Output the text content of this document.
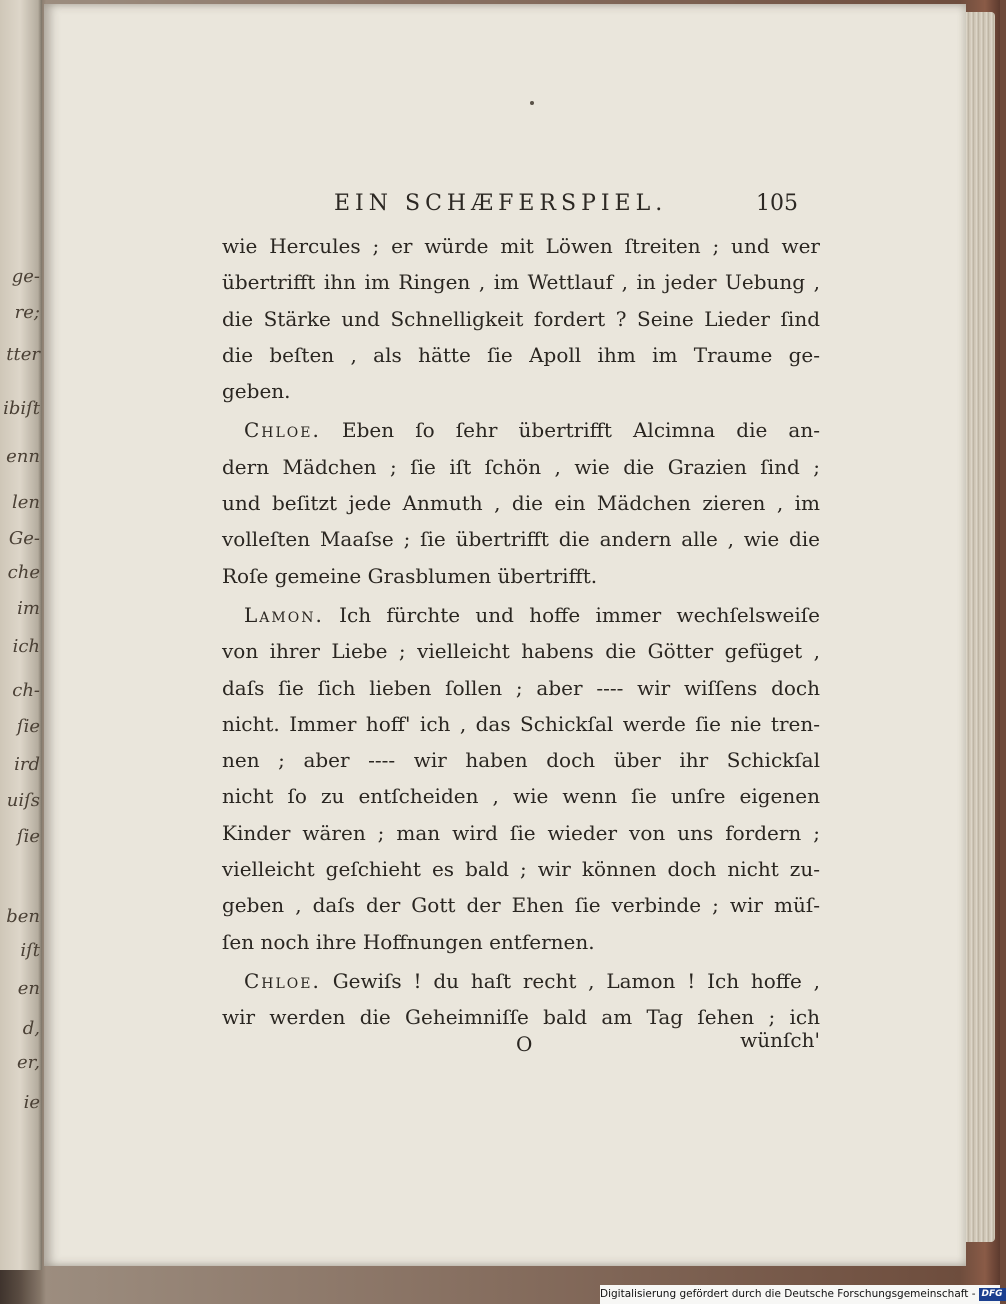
ge-
re;
tter
ibiſt
enn
len
Ge-
che
im
ich
ch-
ſie
ird
uiſs
ſie
ben
iſt
en
d,
er,
ie
EIN SCHÆFERSPIEL.	105
wie Hercules ; er würde mit Löwen ſtreiten ; und wer
übertrifft ihn im Ringen , im Wettlauf , in jeder Uebung ,
die Stärke und Schnelligkeit fordert ? Seine Lieder ſind
die beſten , als hätte ſie Apoll ihm im Traume ge-
geben.
Chloe. Eben ſo ſehr übertrifft Alcimna die an-
dern Mädchen ; ſie iſt ſchön , wie die Grazien ſind ;
und beſitzt jede Anmuth , die ein Mädchen zieren , im
volleſten Maaſse ; ſie übertrifft die andern alle , wie die
Roſe gemeine Grasblumen übertrifft.
Lamon. Ich fürchte und hoffe immer wechſelsweiſe
von ihrer Liebe ; vielleicht habens die Götter gefüget ,
daſs ſie ſich lieben ſollen ; aber ---- wir wiſſens doch
nicht. Immer hoff' ich , das Schickſal werde ſie nie tren-
nen ; aber ---- wir haben doch über ihr Schickſal
nicht ſo zu entſcheiden , wie wenn ſie unſre eigenen
Kinder wären ; man wird ſie wieder von uns fordern ;
vielleicht geſchieht es bald ; wir können doch nicht zu-
geben , daſs der Gott der Ehen ſie verbinde ; wir müſ-
ſen noch ihre Hoffnungen entfernen.
Chloe. Gewiſs ! du haſt recht , Lamon ! Ich hoffe ,
wir werden die Geheimniſſe bald am Tag ſehen ; ich
O	wünſch'
Digitalisierung gefördert durch die Deutsche Forschungsgemeinschaft - DFG
